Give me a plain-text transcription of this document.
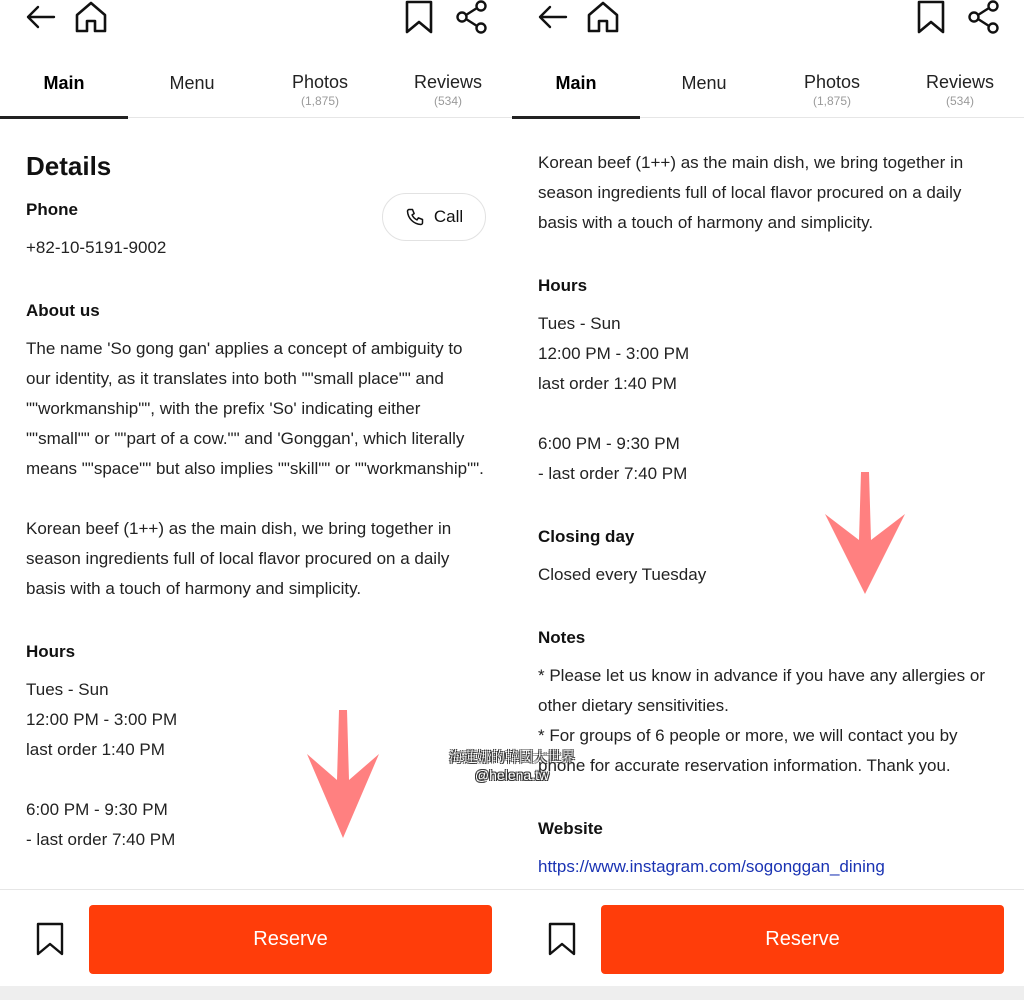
Main	Menu	Photos
(1,875)
Reviews
(534)
Details
Phone
+82-10-5191-9002
Call
About us
The name 'So gong gan' applies a concept of ambiguity to our identity, as it translates into both ""small place"" and ""workmanship"", with the prefix 'So' indicating either ""small"" or ""part of a cow."" and 'Gonggan', which literally means ""space"" but also implies ""skill"" or ""workmanship"".
Korean beef (1++) as the main dish, we bring together in season ingredients full of local flavor procured on a daily basis with a touch of harmony and simplicity.
Hours
Tues - Sun
12:00 PM - 3:00 PM
last order 1:40 PM
6:00 PM - 9:30 PM
- last order 7:40 PM
Reserve
Main	Menu	Photos
(1,875)
Reviews
(534)
Korean beef (1++) as the main dish, we bring together in season ingredients full of local flavor procured on a daily basis with a touch of harmony and simplicity.
Hours
Tues - Sun
12:00 PM - 3:00 PM
last order 1:40 PM
6:00 PM - 9:30 PM
- last order 7:40 PM
Closing day
Closed every Tuesday
Notes
* Please let us know in advance if you have any allergies or other dietary sensitivities.
* For groups of 6 people or more, we will contact you by phone for accurate reservation information. Thank you.
Website
https://www.instagram.com/sogonggan_dining
Reserve
海蓮娜的韓國大世界
@helena.tw
